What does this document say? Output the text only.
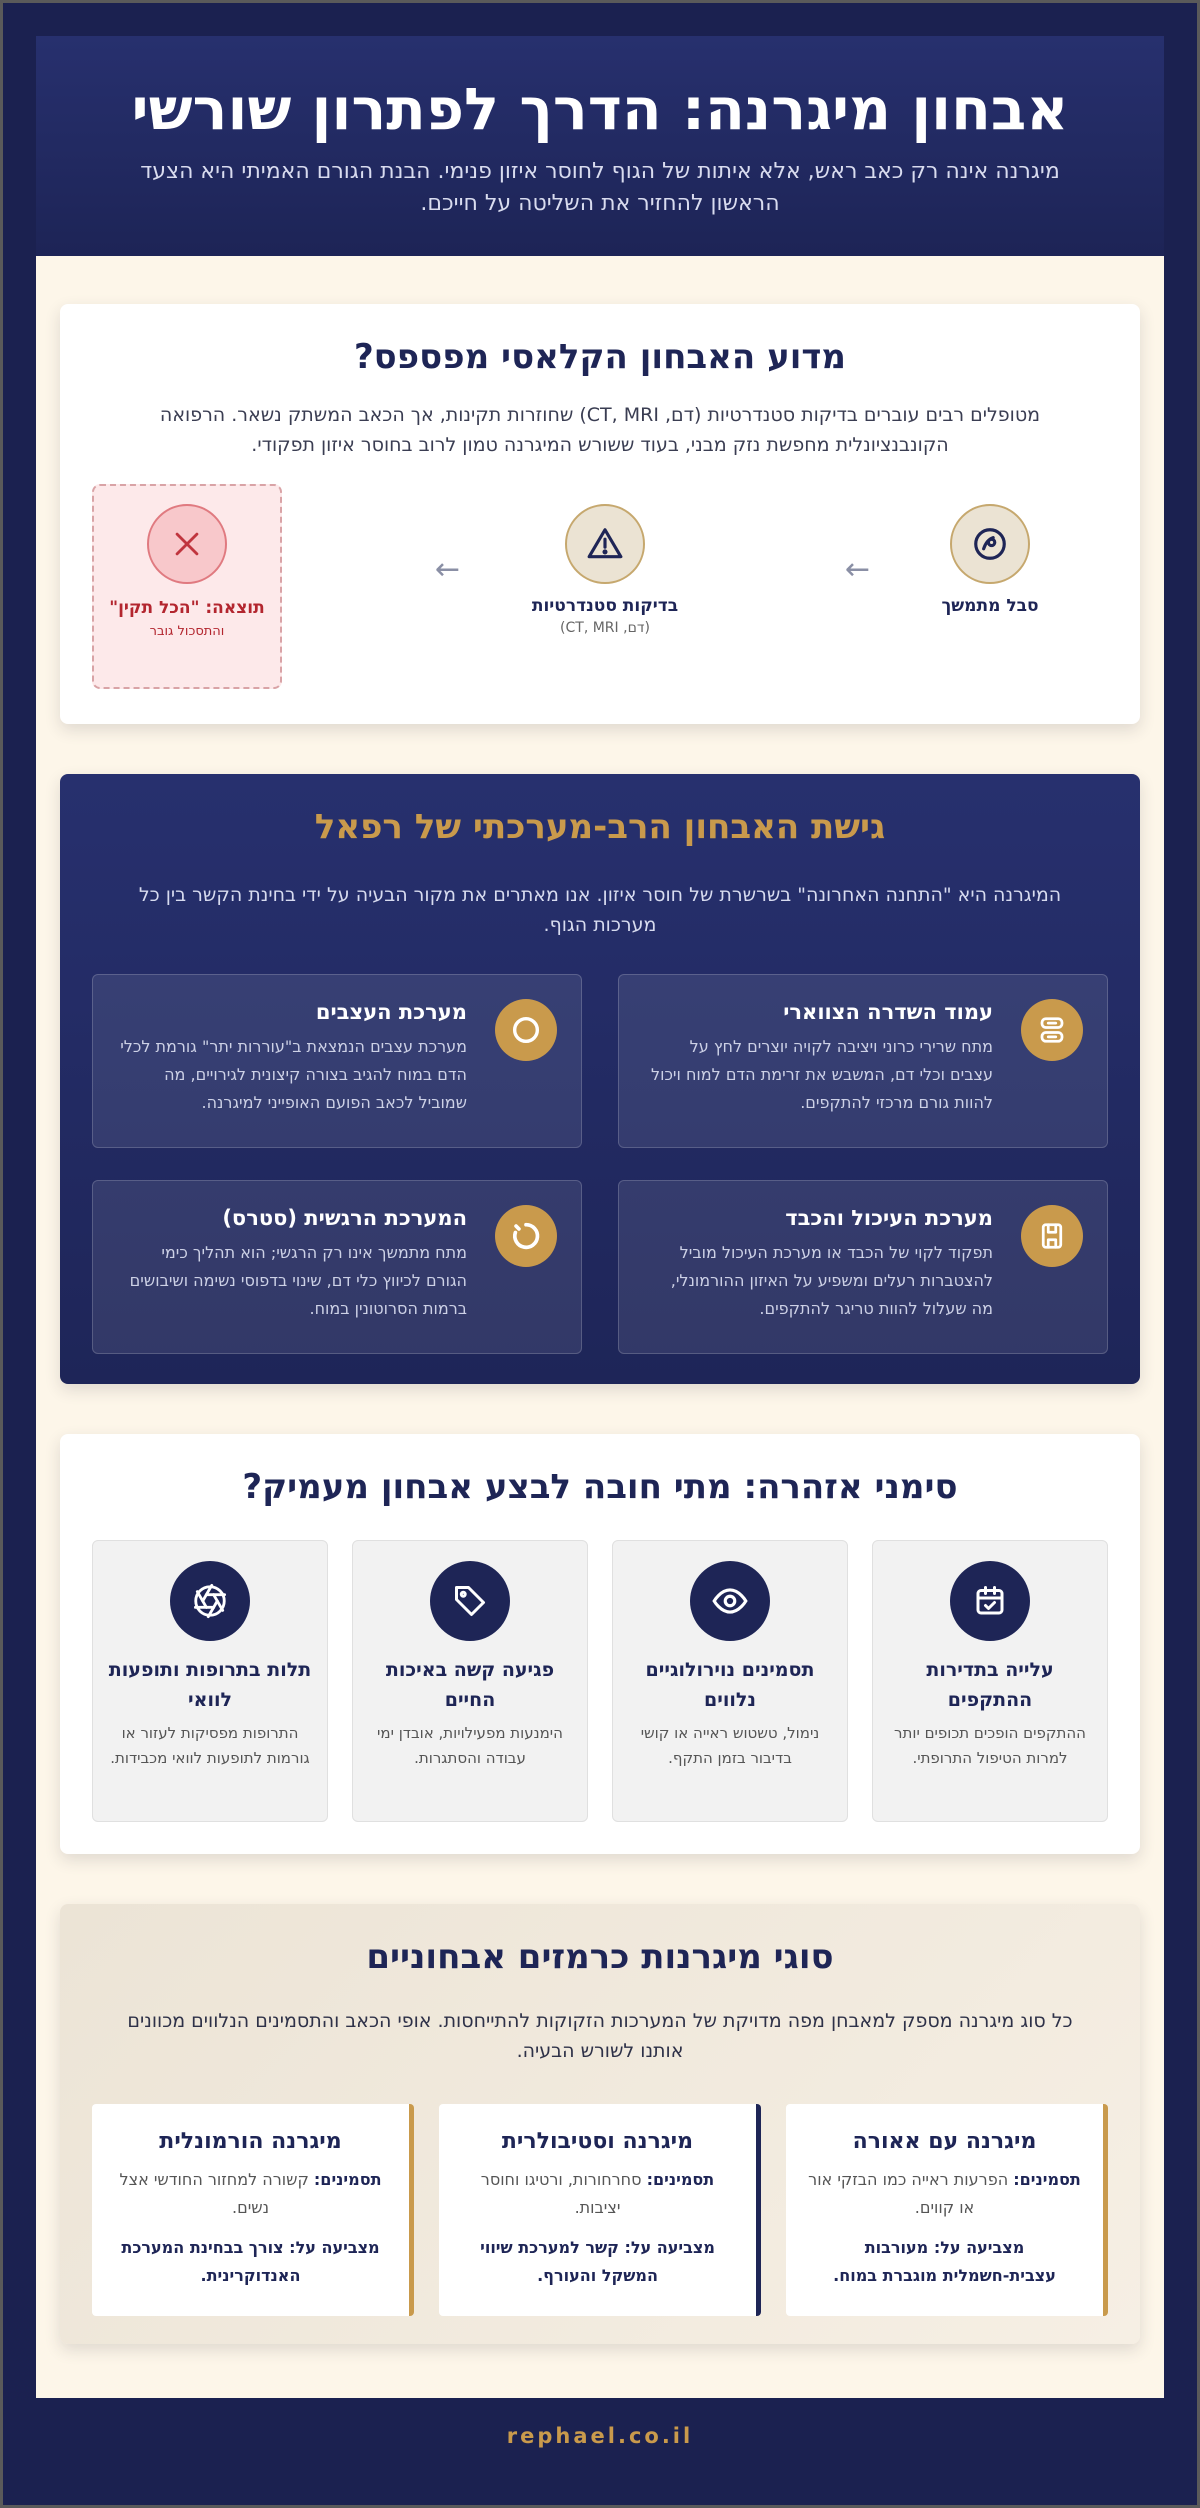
אבחון מיגרנה: הדרך לפתרון שורשי

מיגרנה אינה רק כאב ראש, אלא איתות של הגוף לחוסר איזון פנימי. הבנת הגורם האמיתי היא הצעד הראשון להחזיר את השליטה על חייכם.

מדוע האבחון הקלאסי מפספס?

מטופלים רבים עוברים בדיקות סטנדרטיות (דם, CT, MRI) שחוזרות תקינות, אך הכאב המשתק נשאר. הרפואה הקונבנציונלית מחפשת נזק מבני, בעוד ששורש המיגרנה טמון לרוב בחוסר איזון תפקודי.

סבל מתמשך
←
בדיקות סטנדרטיות
(דם, CT, MRI)
←
תוצאה: "הכל תקין"
והתסכול גובר
גישת האבחון הרב-מערכתי של רפאל

המיגרנה היא "התחנה האחרונה" בשרשרת של חוסר איזון. אנו מאתרים את מקור הבעיה על ידי בחינת הקשר בין כל מערכות הגוף.

עמוד השדרה הצווארי
מתח שרירי כרוני ויציבה לקויה יוצרים לחץ על עצבים וכלי דם, המשבש את זרימת הדם למוח ויכול להוות גורם מרכזי להתקפים.
מערכת העצבים
מערכת עצבים הנמצאת ב"עוררות יתר" גורמת לכלי הדם במוח להגיב בצורה קיצונית לגירויים, מה שמוביל לכאב הפועם האופייני למיגרנה.
מערכת העיכול והכבד
תפקוד לקוי של הכבד או מערכת העיכול מוביל להצטברות רעלים ומשפיע על האיזון ההורמונלי, מה שעלול להוות טריגר להתקפים.
המערכת הרגשית (סטרס)
מתח מתמשך אינו רק הרגשי; הוא תהליך כימי הגורם לכיווץ כלי דם, שינוי בדפוסי נשימה ושיבושים ברמות הסרוטונין במוח.
סימני אזהרה: מתי חובה לבצע אבחון מעמיק?
עלייה בתדירות ההתקפים
ההתקפים הופכים תכופים יותר למרות הטיפול התרופתי.
תסמינים נוירולוגיים נלווים
נימול, טשטוש ראייה או קושי בדיבור בזמן התקף.
פגיעה קשה באיכות החיים
הימנעות מפעילויות, אובדן ימי עבודה והסתגרות.
תלות בתרופות ותופעות לוואי
התרופות מפסיקות לעזור או גורמות לתופעות לוואי מכבידות.
סוגי מיגרנות כרמזים אבחוניים

כל סוג מיגרנה מספק למאבחן מפה מדויקת של המערכות הזקוקות להתייחסות. אופי הכאב והתסמינים הנלווים מכוונים אותנו לשורש הבעיה.

מיגרנה עם אאורה
תסמינים: הפרעות ראייה כמו הבזקי אור או קווים.
מצביעה על: מעורבות עצבית-חשמלית מוגברת במוח.
מיגרנה וסטיבולרית
תסמינים: סחרחורות, ורטיגו וחוסר יציבות.
מצביעה על: קשר למערכת שיווי המשקל והעורף.
מיגרנה הורמונלית
תסמינים: קשורה למחזור החודשי אצל נשים.
מצביעה על: צורך בבחינת המערכת האנדוקרינית.
rephael.co.il
